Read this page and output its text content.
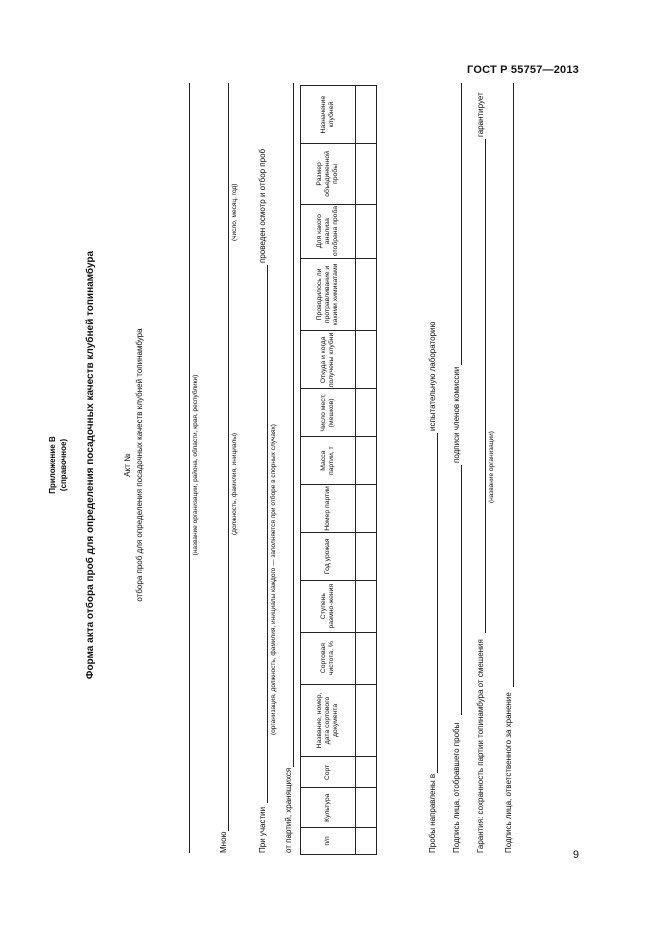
ГОСТ Р 55757—2013
9
Приложение В (справочное) Форма акта отбора проб для определения посадочных качеств клубней топинамбура	Акт № отбора проб для определения посадочных качеств клубней топинамбура	(название организации, района, области, края, республики)
Мною
(должность, фамилия, инициалы)
(число, месяц, год)
При участии
проведен осмотр и отбор проб
(организация, должность, фамилия, инициалы каждого — заполняется при отборе в спорных случаях)
от партий, хранящихся	п/п	Культура	Сорт	Название, номер, дата сортового документа	Сортовая чистота, %	Ступень размно-жения	Год урожая	Номер партии	Масса партии, т	Число мест, (мешков)	Откуда и когда получены клубни	Проводилось ли протравливание и какими химикатами	Для какого анализа отобрана проба	Размер объединенной пробы	Назначение клубней

Пробы направлены в
испытательную лабораторию
Подпись лица, отобравшего пробы
подписи членов комиссии
Гарантия: сохранность партии топинамбура от смешения
гарантирует
(название организации)
Подпись лица, ответственного за хранение
